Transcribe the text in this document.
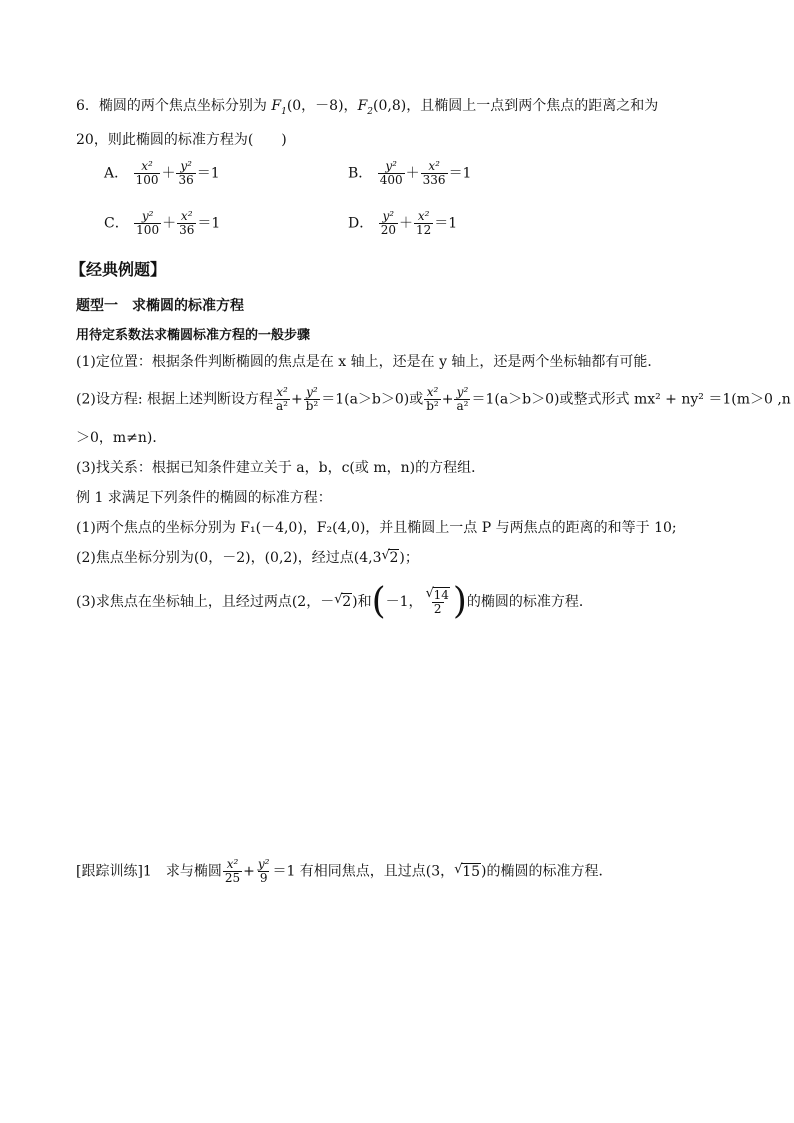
6．椭圆的两个焦点坐标分别为 $F_1(0$，－8)，$F_2(0,8)$，且椭圆上一点到两个焦点的距离之和为
20，则此椭圆的标准方程为(　　)
A． $\frac{\text{x²}}{100} + \frac{\text{y²}}{36} =1$	B． $\frac{\text{y²}}{400} + \frac{\text{x²}}{336} =1$
C． $\frac{\text{y²}}{100} + \frac{\text{x²}}{36} =1$	D． $\frac{\text{y²}}{20} + \frac{\text{x²}}{12} =1$
【经典例题】
题型一　求椭圆的标准方程
用待定系数法求椭圆标准方程的一般步骤
(1)定位置：根据条件判断椭圆的焦点是在 x 轴上，还是在 y 轴上，还是两个坐标轴都有可能．
(2)设方程: 根据上述判断设方程 $\frac{\text{x²}}{\text{a²}} + \frac{\text{y²}}{\text{b²}} =1(a>b>0)$或 $\frac{\text{x²}}{\text{b²}} + \frac{\text{y²}}{\text{a²}} =1(a>b>0)$或整式形式 mx² + ny² ＝1(m＞0 ,n
＞0，m≠n)．
(3)找关系：根据已知条件建立关于 a，b，c(或 m，n)的方程组．
例 1 求满足下列条件的椭圆的标准方程：
(1)两个焦点的坐标分别为 F₁(－4,0)，F₂(4,0)，并且椭圆上一点 P 与两焦点的距离的和等于 10;
(2)焦点坐标分别为(0，－2)，(0,2)，经过点(4,3 √ 2)；
(3)求焦点在坐标轴上，且经过两点(2，－ √ 2)和(－1， √ $\frac{14}{2}$ )的椭圆的标准方程．
[跟踪训练]1　求与椭圆 $\frac{\text{x²}}{25} + \frac{\text{y²}}{9} =1$ 有相同焦点，且过点(3， √ 15)的椭圆的标准方程．
